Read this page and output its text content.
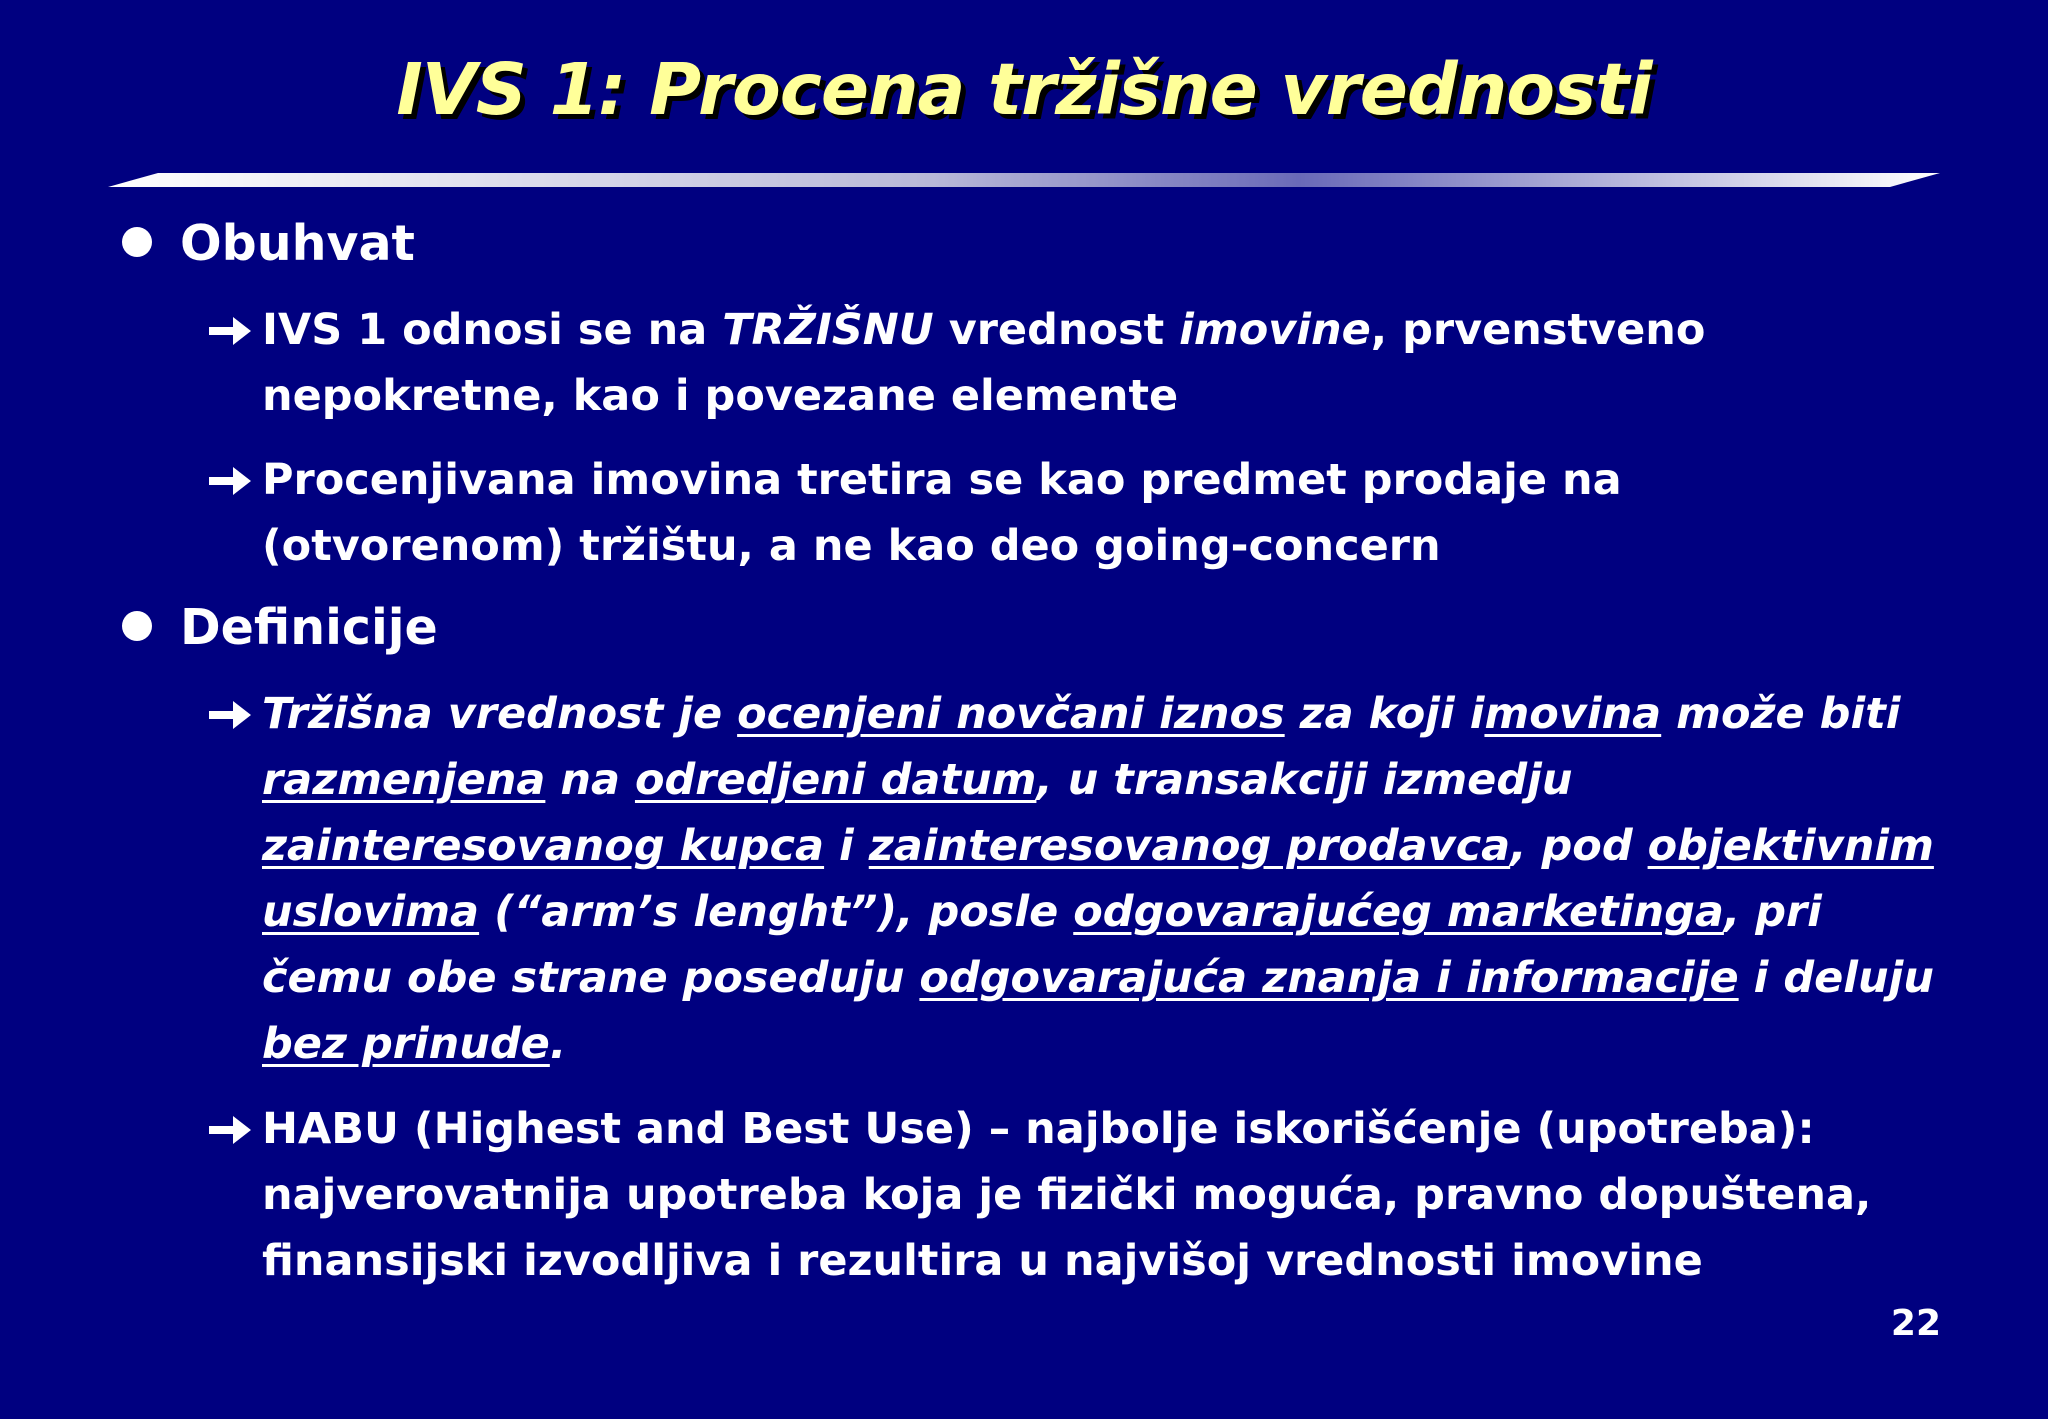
IVS 1: Procena tržišne vrednosti
Obuhvat
IVS 1 odnosi se na TRŽIŠNU vrednost imovine, prvenstveno nepokretne, kao i povezane elemente
Procenjivana imovina tretira se kao predmet prodaje na (otvorenom) tržištu, a ne kao deo going-concern
Definicije
Tržišna vrednost je ocenjeni novčani iznos za koji imovina može biti razmenjena na odredjeni datum, u transakciji izmedju zainteresovanog kupca i zainteresovanog prodavca, pod objektivnim uslovima (“arm’s lenght”), posle odgovarajućeg marketinga, pri čemu obe strane poseduju odgovarajuća znanja i informacije i deluju bez prinude.
HABU (Highest and Best Use) – najbolje iskorišćenje (upotreba): najverovatnija upotreba koja je fizički moguća, pravno dopuštena, finansijski izvodljiva i rezultira u najvišoj vrednosti imovine
22
